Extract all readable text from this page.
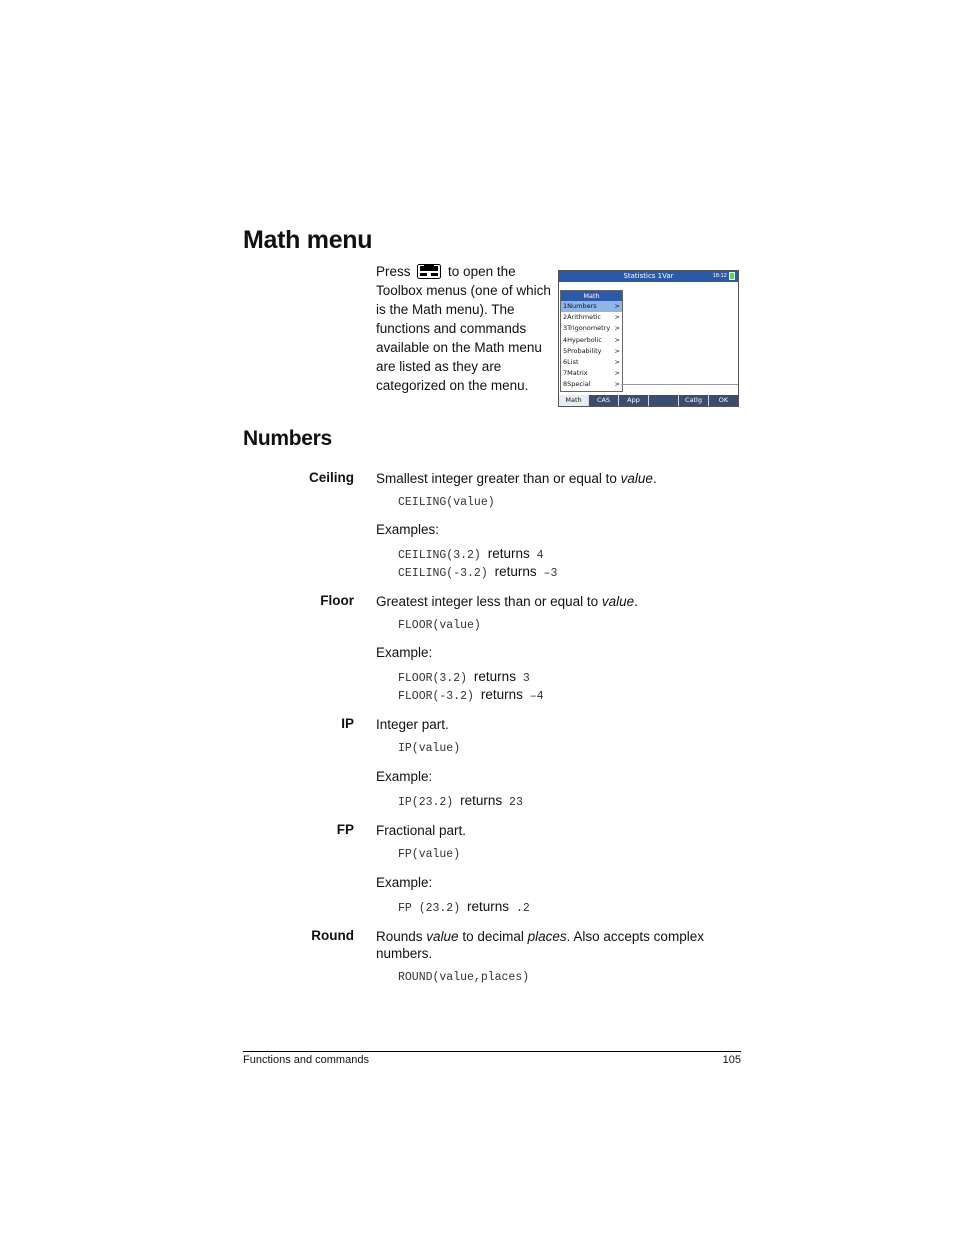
Math menu
Press	to open the Toolbox menus (one of which is the Math menu). The functions and commands available on the Math menu are listed as they are categorized on the menu.
Statistics 1Var	18:12
Math
1Numbers	>
2Arithmetic >
3Trigonometry >
4Hyperbolic >
5Probability >
6List	>
7Matrix	>
8Special	>
Math	CAS	App	Catlg	OK
Numbers
Ceiling Smallest integer greater than or equal to value.
CEILING(value)
Examples:
CEILING(3.2) returns 4
CEILING(-3.2) returns –3
Floor Greatest integer less than or equal to value.
FLOOR(value)
Example:
FLOOR(3.2) returns 3
FLOOR(-3.2) returns –4
IP Integer part.
IP(value)
Example:
IP(23.2) returns 23
FP Fractional part.
FP(value)
Example:
FP (23.2) returns .2
Round Rounds value to decimal places. Also accepts complex numbers.
ROUND(value,places)
Functions and commands	105
